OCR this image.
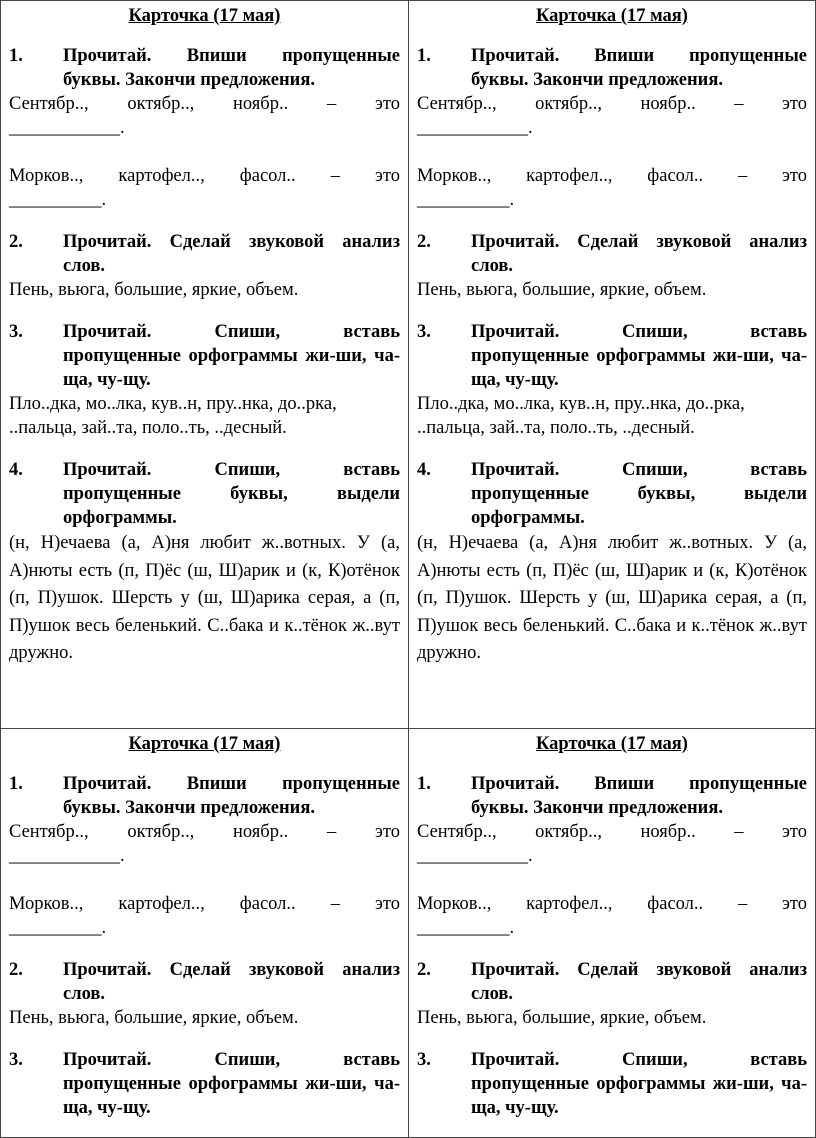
Карточка (17 мая)
1.	Прочитай. Впиши пропущенные буквы. Закончи предложения.
Сентябр.., октябр.., ноябр.. – это
____________.
Морков.., картофел.., фасол.. – это
__________.
2.	Прочитай. Сделай звуковой анализ слов.
Пень, вьюга, большие, яркие, объем.
3.	Прочитай. Спиши, вставь пропущенные орфограммы жи-ши, ча-ща, чу-щу.
Пло..дка, мо..лка, кув..н, пру..нка, до..рка,
..пальца, зай..та, поло..ть, ..десный.
4.	Прочитай. Спиши, вставь пропущенные буквы, выдели орфограммы.
(н, Н)ечаева (а, А)ня любит ж..вотных. У (а, А)нюты есть (п, П)ёс (ш, Ш)арик и (к, К)отёнок (п, П)ушок. Шерсть у (ш, Ш)арика серая, а (п, П)ушок весь беленький. С..бака и к..тёнок ж..вут дружно.
Карточка (17 мая)
1.	Прочитай. Впиши пропущенные буквы. Закончи предложения.
Сентябр.., октябр.., ноябр.. – это
____________.
Морков.., картофел.., фасол.. – это
__________.
2.	Прочитай. Сделай звуковой анализ слов.
Пень, вьюга, большие, яркие, объем.
3.	Прочитай. Спиши, вставь пропущенные орфограммы жи-ши, ча-ща, чу-щу.
Пло..дка, мо..лка, кув..н, пру..нка, до..рка,
..пальца, зай..та, поло..ть, ..десный.
4.	Прочитай. Спиши, вставь пропущенные буквы, выдели орфограммы.
(н, Н)ечаева (а, А)ня любит ж..вотных. У (а, А)нюты есть (п, П)ёс (ш, Ш)арик и (к, К)отёнок (п, П)ушок. Шерсть у (ш, Ш)арика серая, а (п, П)ушок весь беленький. С..бака и к..тёнок ж..вут дружно.
Карточка (17 мая)
1.	Прочитай. Впиши пропущенные буквы. Закончи предложения.
Сентябр.., октябр.., ноябр.. – это
____________.
Морков.., картофел.., фасол.. – это
__________.
2.	Прочитай. Сделай звуковой анализ слов.
Пень, вьюга, большие, яркие, объем.
3.	Прочитай. Спиши, вставь пропущенные орфограммы жи-ши, ча-ща, чу-щу.
Карточка (17 мая)
1.	Прочитай. Впиши пропущенные буквы. Закончи предложения.
Сентябр.., октябр.., ноябр.. – это
____________.
Морков.., картофел.., фасол.. – это
__________.
2.	Прочитай. Сделай звуковой анализ слов.
Пень, вьюга, большие, яркие, объем.
3.	Прочитай. Спиши, вставь пропущенные орфограммы жи-ши, ча-ща, чу-щу.
